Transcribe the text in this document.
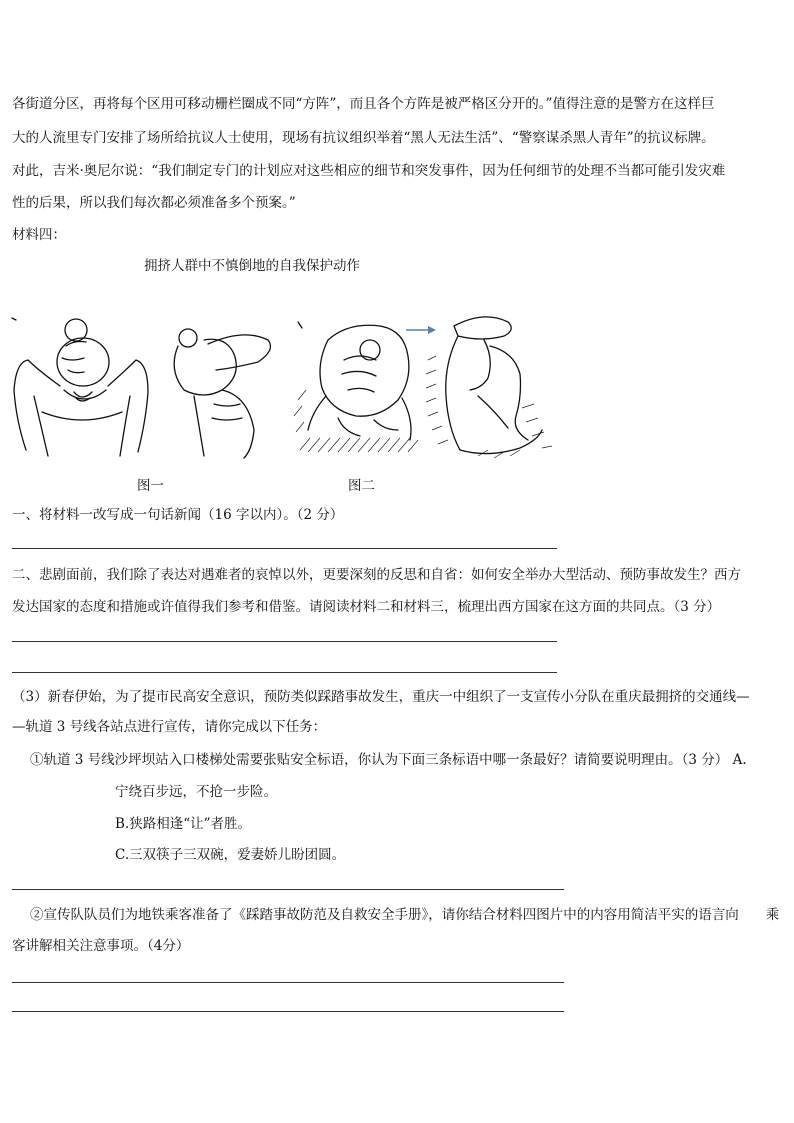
各街道分区，再将每个区用可移动栅栏圈成不同“方阵”，而且各个方阵是被严格区分开的。”值得注意的是警方在这样巨
大的人流里专门安排了场所给抗议人士使用，现场有抗议组织举着“黑人无法生活”、“警察谋杀黑人青年”的抗议标牌。
对此，吉米·奥尼尔说：“我们制定专门的计划应对这些相应的细节和突发事件，因为任何细节的处理不当都可能引发灾难
性的后果，所以我们每次都必须准备多个预案。”
材料四：
拥挤人群中不慎倒地的自我保护动作
图一	图二
一、将材料一改写成一句话新闻（16 字以内）。（2 分）
二、悲剧面前，我们除了表达对遇难者的哀悼以外，更要深刻的反思和自省：如何安全举办大型活动、预防事故发生？西方
发达国家的态度和措施或许值得我们参考和借鉴。请阅读材料二和材料三，梳理出西方国家在这方面的共同点。（3 分）
（3）新春伊始，为了提市民高安全意识，预防类似踩踏事故发生，重庆一中组织了一支宣传小分队在重庆最拥挤的交通线—
—轨道 3 号线各站点进行宣传，请你完成以下任务：
①轨道 3 号线沙坪坝站入口楼梯处需要张贴安全标语，你认为下面三条标语中哪一条最好？请简要说明理由。（3 分） A.
宁绕百步远，不抢一步险。
B.狭路相逢“让”者胜。
C.三双筷子三双碗，爱妻娇儿盼团圆。
②宣传队队员们为地铁乘客准备了《踩踏事故防范及自救安全手册》，请你结合材料四图片中的内容用简洁平实的语言向　　乘
客讲解相关注意事项。（4分）
